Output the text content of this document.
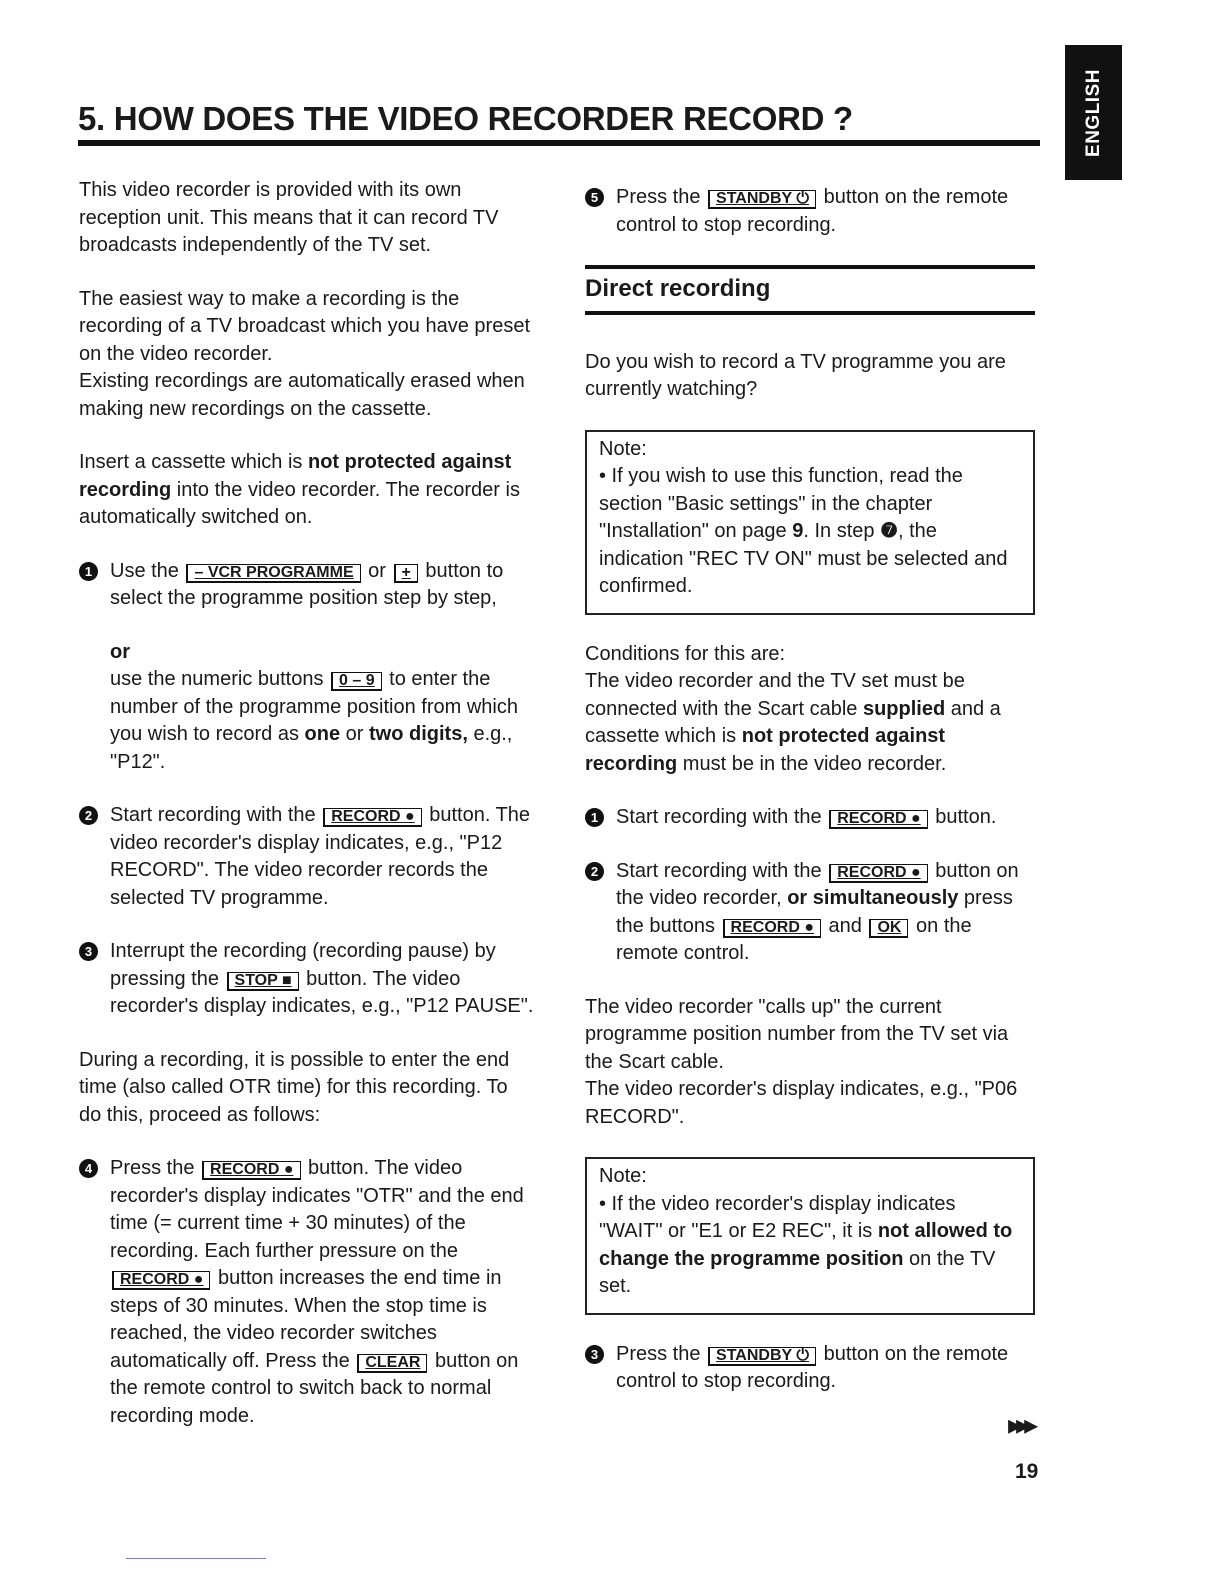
ENGLISH
5. HOW DOES THE VIDEO RECORDER RECORD ?
This video recorder is provided with its own reception unit. This means that it can record TV broadcasts independently of the TV set.
The easiest way to make a recording is the recording of a TV broadcast which you have preset on the video recorder.
Existing recordings are automatically erased when making new recordings on the cassette.
Insert a cassette which is not protected against recording into the video recorder. The recorder is automatically switched on.
1 Use the – VCR PROGRAMME or + button to select the programme position step by step,
or
use the numeric buttons 0 – 9 to enter the number of the programme position from which you wish to record as one or two digits, e.g., "P12".
2 Start recording with the RECORD ● button. The video recorder's display indicates, e.g., "P12 RECORD". The video recorder records the selected TV programme.
3 Interrupt the recording (recording pause) by pressing the STOP ■ button. The video recorder's display indicates, e.g., "P12 PAUSE".
During a recording, it is possible to enter the end time (also called OTR time) for this recording. To do this, proceed as follows:
4 Press the RECORD ● button. The video recorder's display indicates "OTR" and the end time (= current time + 30 minutes) of the recording. Each further pressure on the RECORD ● button increases the end time in steps of 30 minutes. When the stop time is reached, the video recorder switches automatically off. Press the CLEAR button on the remote control to switch back to normal recording mode.
5 Press the STANDBY ⏻ button on the remote control to stop recording.
Direct recording
Do you wish to record a TV programme you are currently watching?
Note:
• If you wish to use this function, read the section "Basic settings" in the chapter "Installation" on page 9. In step ❼, the indication "REC TV ON" must be selected and confirmed.
Conditions for this are:
The video recorder and the TV set must be connected with the Scart cable supplied and a cassette which is not protected against recording must be in the video recorder.
1 Start recording with the RECORD ● button.
2 Start recording with the RECORD ● button on the video recorder, or simultaneously press the buttons RECORD ● and OK on the remote control.
The video recorder "calls up" the current programme position number from the TV set via the Scart cable.
The video recorder's display indicates, e.g., "P06 RECORD".
Note:
• If the video recorder's display indicates "WAIT" or "E1 or E2 REC", it is not allowed to change the programme position on the TV set.
3 Press the STANDBY ⏻ button on the remote control to stop recording.
▸▸▸
19
